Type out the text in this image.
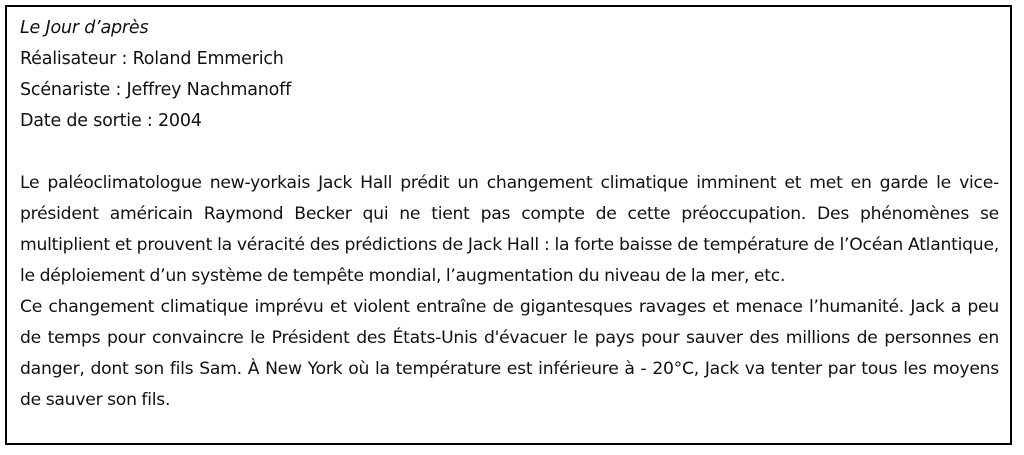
Le Jour d’après
Réalisateur : Roland Emmerich
Scénariste : Jeffrey Nachmanoff
Date de sortie : 2004

Le paléoclimatologue new-yorkais Jack Hall prédit un changement climatique imminent et met en garde le vice-président américain Raymond Becker qui ne tient pas compte de cette préoccupation. Des phénomènes se multiplient et prouvent la véracité des prédictions de Jack Hall : la forte baisse de température de l’Océan Atlantique, le déploiement d’un système de tempête mondial, l’augmentation du niveau de la mer, etc.

Ce changement climatique imprévu et violent entraîne de gigantesques ravages et menace l’humanité. Jack a peu de temps pour convaincre le Président des États-Unis d'évacuer le pays pour sauver des millions de personnes en danger, dont son fils Sam. À New York où la température est inférieure à - 20°C, Jack va tenter par tous les moyens de sauver son fils.
